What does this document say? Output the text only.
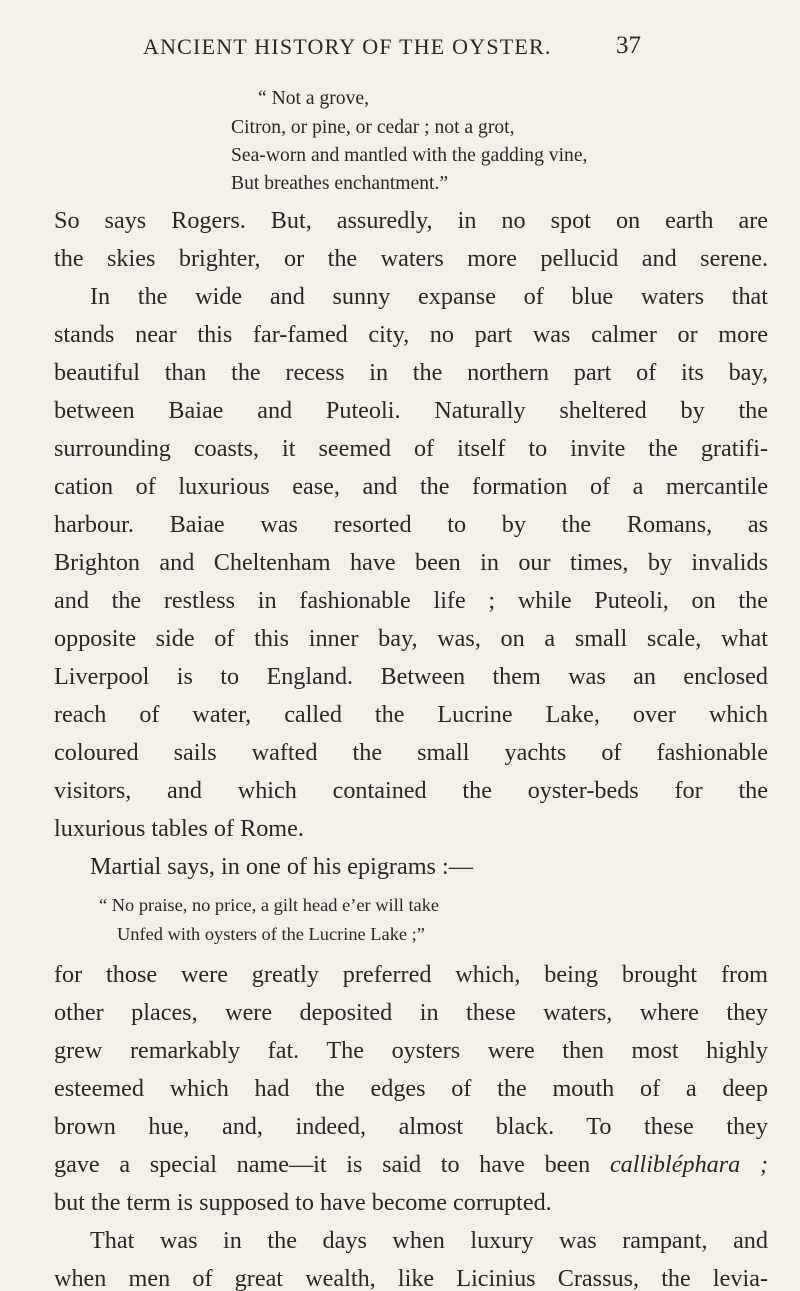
ANCIENT HISTORY OF THE OYSTER.	37
“ Not a grove,
Citron, or pine, or cedar ; not a grot,
Sea-worn and mantled with the gadding vine,
But breathes enchantment.”
So says Rogers. But, assuredly, in no spot on earth are
the skies brighter, or the waters more pellucid and serene.
In the wide and sunny expanse of blue waters that
stands near this far-famed city, no part was calmer or more
beautiful than the recess in the northern part of its bay,
between Baiae and Puteoli. Naturally sheltered by the
surrounding coasts, it seemed of itself to invite the gratifi-
cation of luxurious ease, and the formation of a mercantile
harbour. Baiae was resorted to by the Romans, as
Brighton and Cheltenham have been in our times, by invalids
and the restless in fashionable life ; while Puteoli, on the
opposite side of this inner bay, was, on a small scale, what
Liverpool is to England. Between them was an enclosed
reach of water, called the Lucrine Lake, over which
coloured sails wafted the small yachts of fashionable
visitors, and which contained the oyster-beds for the
luxurious tables of Rome.
Martial says, in one of his epigrams :—
“ No praise, no price, a gilt head e’er will take
Unfed with oysters of the Lucrine Lake ;”
for those were greatly preferred which, being brought from
other places, were deposited in these waters, where they
grew remarkably fat. The oysters were then most highly
esteemed which had the edges of the mouth of a deep
brown hue, and, indeed, almost black. To these they
gave a special name—it is said to have been callibléphara ;
but the term is supposed to have become corrupted.
That was in the days when luxury was rampant, and
when men of great wealth, like Licinius Crassus, the levia-
